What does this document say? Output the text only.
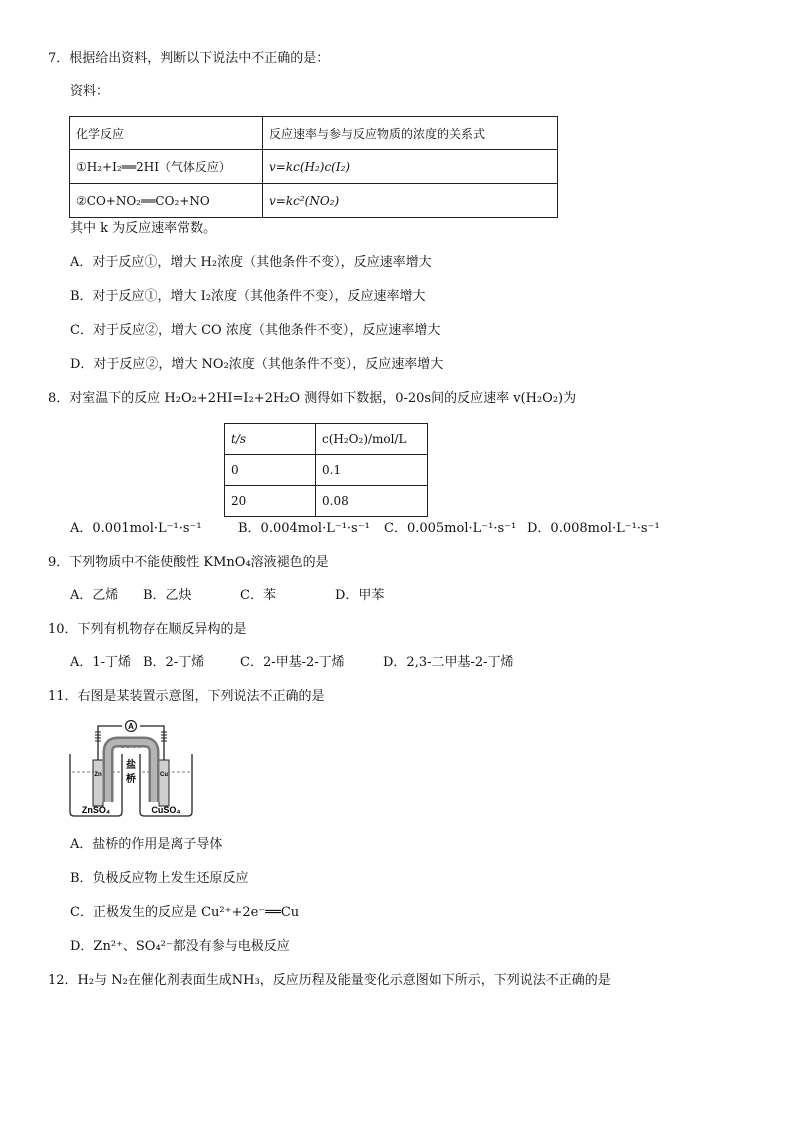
7．根据给出资料，判断以下说法中不正确的是：
资料：
化学反应	反应速率与参与反应物质的浓度的关系式
①H₂+I₂══2HI（气体反应）	v=kc(H₂)c(I₂)
②CO+NO₂══CO₂+NO	v=kc²(NO₂)
其中 k 为反应速率常数。
A．对于反应①，增大 H₂浓度（其他条件不变），反应速率增大
B．对于反应①，增大 I₂浓度（其他条件不变），反应速率增大
C．对于反应②，增大 CO 浓度（其他条件不变），反应速率增大
D．对于反应②，增大 NO₂浓度（其他条件不变），反应速率增大
8．对室温下的反应 H₂O₂+2HI=I₂+2H₂O 测得如下数据，0-20s间的反应速率 v(H₂O₂)为
t/s	c(H₂O₂)/mol/L
0	0.1
20	0.08
A．0.001mol·L⁻¹·s⁻¹	B．0.004mol·L⁻¹·s⁻¹ C．0.005mol·L⁻¹·s⁻¹ D．0.008mol·L⁻¹·s⁻¹
9．下列物质中不能使酸性 KMnO₄溶液褪色的是
A．乙烯 B．乙炔	C．苯	D．甲苯
10．下列有机物存在顺反异构的是
A．1-丁烯 B．2-丁烯	C．2-甲基-2-丁烯	D．2,3-二甲基-2-丁烯
11．右图是某装置示意图，下列说法不正确的是
A
电流表
Zn	Cu
盐
桥
ZnSO₄	CuSO₄
A．盐桥的作用是离子导体
B．负极反应物上发生还原反应
C．正极发生的反应是 Cu²⁺+2e⁻══Cu
D．Zn²⁺、SO₄²⁻都没有参与电极反应
12．H₂与 N₂在催化剂表面生成NH₃，反应历程及能量变化示意图如下所示，下列说法不正确的是
